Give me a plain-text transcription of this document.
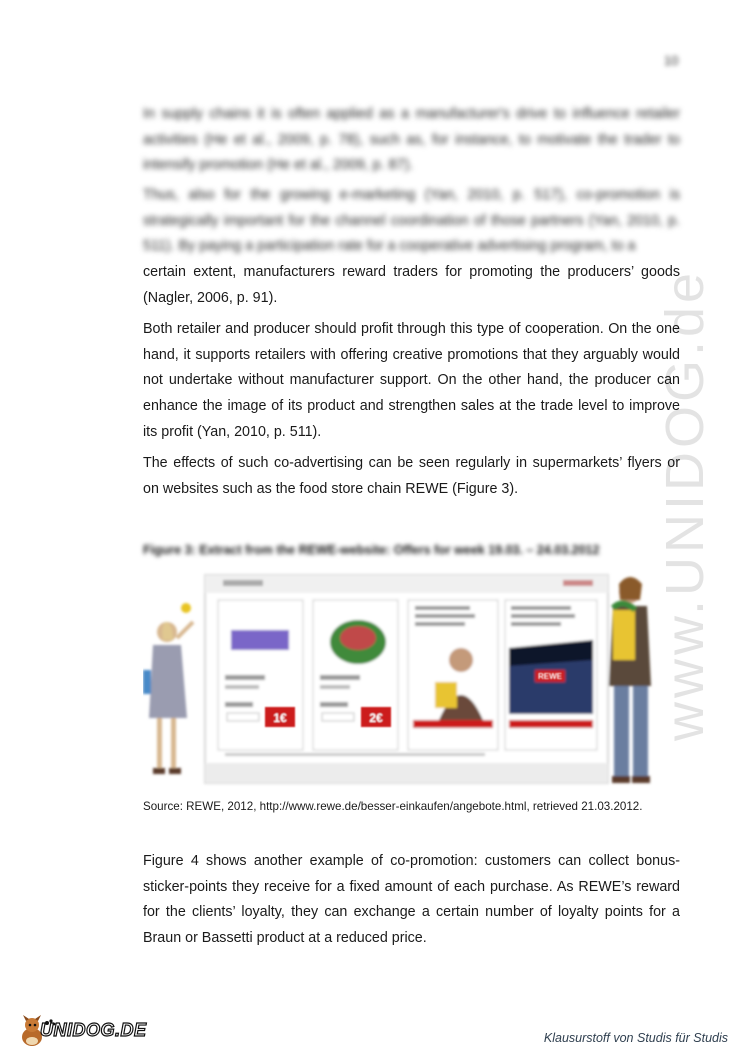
10

In supply chains it is often applied as a manufacturer's drive to influence retailer activities (He et al., 2009, p. 78), such as, for instance, to motivate the trader to intensify promotion (He et al., 2009, p. 87).

Thus, also for the growing e-marketing (Yan, 2010, p. 517), co-promotion is strategically important for the channel coordination of those partners (Yan, 2010, p. 511). By paying a participation rate for a cooperative advertising program, to a

certain extent, manufacturers reward traders for promoting the producers’ goods (Nagler, 2006, p. 91).

Both retailer and producer should profit through this type of cooperation. On the one hand, it supports retailers with offering creative promotions that they arguably would not undertake without manufacturer support. On the other hand, the producer can enhance the image of its product and strengthen sales at the trade level to improve its profit (Yan, 2010, p. 511).

The effects of such co-advertising can be seen regularly in supermarkets’ flyers or on websites such as the food store chain REWE (Figure 3).

Figure 3: Extract from the REWE-website: Offers for week 19.03. – 24.03.2012
1€	2€
REWE
Source: REWE, 2012, http://www.rewe.de/besser-einkaufen/angebote.html, retrieved 21.03.2012.

Figure 4 shows another example of co-promotion: customers can collect bonus-sticker-points they receive for a fixed amount of each purchase. As REWE’s reward for the clients’ loyalty, they can exchange a certain number of loyalty points for a Braun or Bassetti product at a reduced price.

www.UNIDOG.de
UNIDOG.DE	Klausurstoff von Studis für Studis
